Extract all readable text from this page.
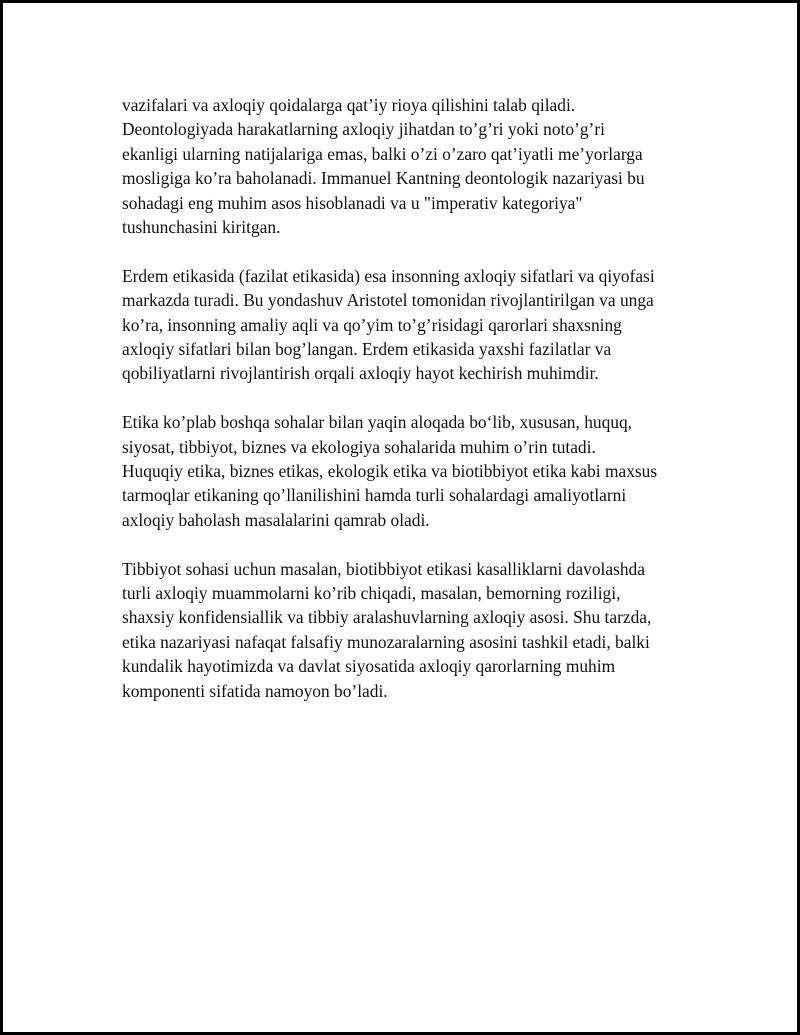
vazifalari va axloqiy qoidalarga qat’iy rioya qilishini talab qiladi.
Deontologiyada harakatlarning axloqiy jihatdan to’g’ri yoki noto’g’ri
ekanligi ularning natijalariga emas, balki o’zi o’zaro qat’iyatli me’yorlarga
mosligiga ko’ra baholanadi. Immanuel Kantning deontologik nazariyasi bu
sohadagi eng muhim asos hisoblanadi va u "imperativ kategoriya"
tushunchasini kiritgan.

Erdem etikasida (fazilat etikasida) esa insonning axloqiy sifatlari va qiyofasi
markazda turadi. Bu yondashuv Aristotel tomonidan rivojlantirilgan va unga
ko’ra, insonning amaliy aqli va qo’yim to’g’risidagi qarorlari shaxsning
axloqiy sifatlari bilan bog’langan. Erdem etikasida yaxshi fazilatlar va
qobiliyatlarni rivojlantirish orqali axloqiy hayot kechirish muhimdir.

Etika ko’plab boshqa sohalar bilan yaqin aloqada bo‘lib, xususan, huquq,
siyosat, tibbiyot, biznes va ekologiya sohalarida muhim o’rin tutadi.
Huquqiy etika, biznes etikas, ekologik etika va biotibbiyot etika kabi maxsus
tarmoqlar etikaning qo’llanilishini hamda turli sohalardagi amaliyotlarni
axloqiy baholash masalalarini qamrab oladi.

Tibbiyot sohasi uchun masalan, biotibbiyot etikasi kasalliklarni davolashda
turli axloqiy muammolarni ko’rib chiqadi, masalan, bemorning roziligi,
shaxsiy konfidensiallik va tibbiy aralashuvlarning axloqiy asosi. Shu tarzda,
etika nazariyasi nafaqat falsafiy munozaralarning asosini tashkil etadi, balki
kundalik hayotimizda va davlat siyosatida axloqiy qarorlarning muhim
komponenti sifatida namoyon bo’ladi.
